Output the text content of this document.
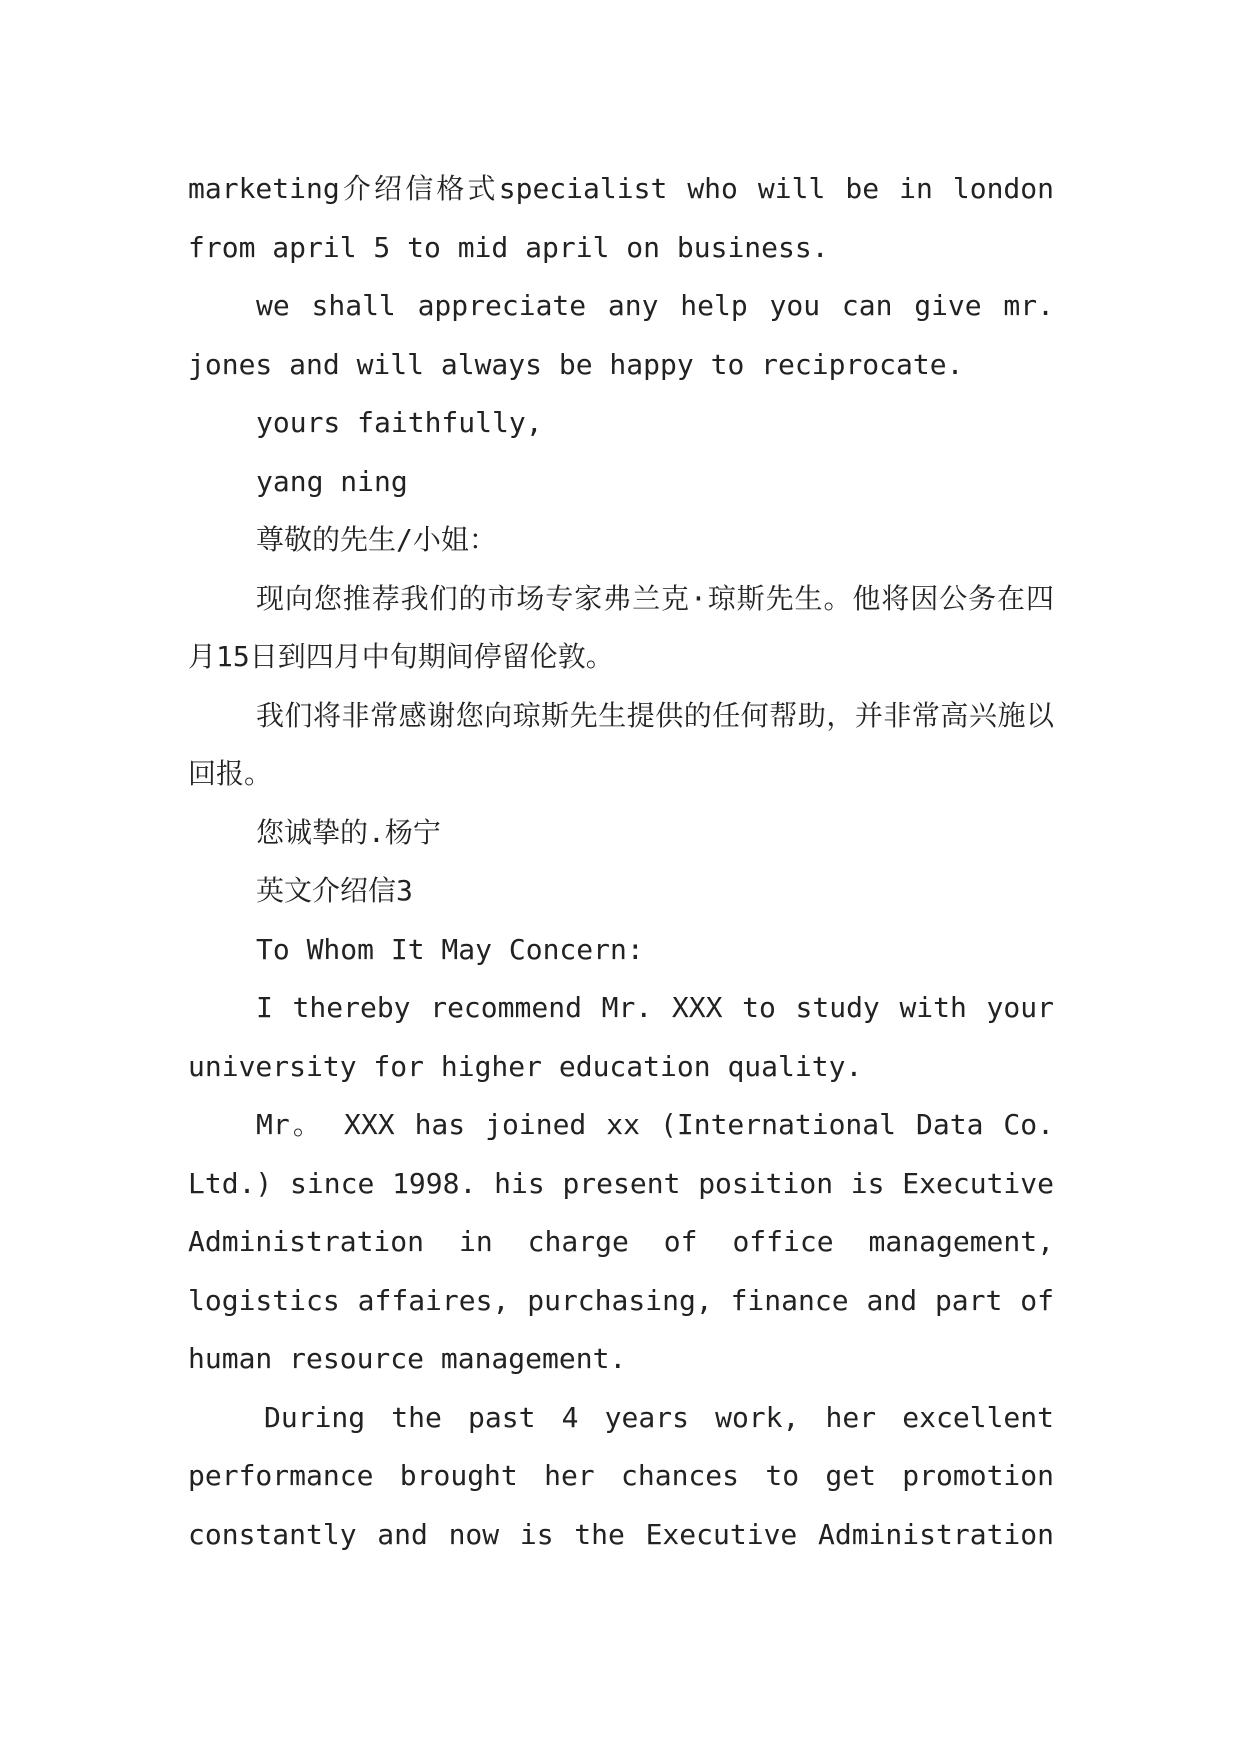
marketing介绍信格式specialist who will be in london from april 5 to mid april on business.

we shall appreciate any help you can give mr. jones and will always be happy to reciprocate.

yours faithfully,

yang ning

尊敬的先生/小姐：

现向您推荐我们的市场专家弗兰克·琼斯先生。他将因公务在四月15日到四月中旬期间停留伦敦。

我们将非常感谢您向琼斯先生提供的任何帮助，并非常高兴施以回报。

您诚挚的.杨宁

英文介绍信3

To Whom It May Concern:

I thereby recommend Mr. XXX to study with your university for higher education quality.

Mr。 XXX has joined xx (International Data Co. Ltd.) since 1998. his present position is Executive Administration in charge of office management, logistics affaires, purchasing, finance and part of human resource management.

During the past 4 years work, her excellent performance brought her chances to get promotion constantly and now is the Executive Administration
